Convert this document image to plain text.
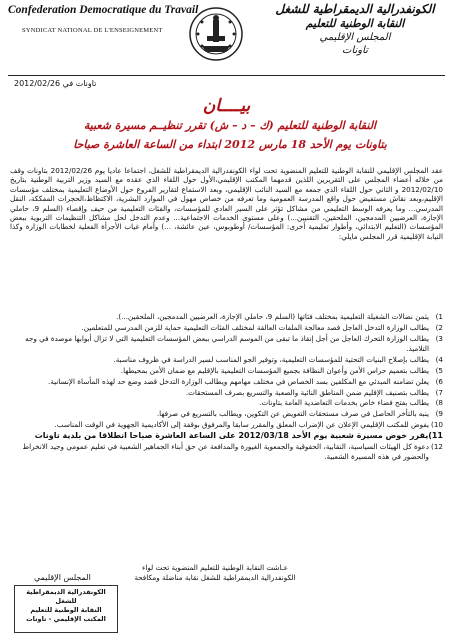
Confederation Democratique du Travail
SYNDICAT NATIONAL DE L'ENSEIGNEMENT
الكونفدرالية الديمقراطية للشغل
النقابة الوطنية للتعليم
المجلس الإقليمي
تاونات
تاونات في 2012/02/26
بيــــان
النقابة الوطنية للتعليم (ك – د – ش) تقرر تنظيــم مسيرة شعبية
بتاونات يوم الأحد 18 مارس 2012 ابتداء من الساعة العاشرة صباحا

عقد المجلس الإقليمي للنقابة الوطنية للتعليم المنضوية تحت لواء الكونفدرالية الديمقراطية للشغل، اجتماعا عاديا يوم 2012/02/26 بتاونات وقف من خلاله أعضاء المجلس على التقريرين اللذين قدمهما المكتب الإقليمي،الأول حول اللقاء الذي عقده مع السيد وزير التربية الوطنية بتاريخ 2012/02/10 و الثاني حول اللقاء الذي جمعه مع السيد النائب الإقليمي، وبعد الاستماع لتقارير الفروع حول الأوضاع التعليمية بمختلف مؤسسات الإقليم،وبعد نقاش مستفيض حول واقع المدرسة العمومية وما تعرفه من خصاص مهول في الموارد البشرية، الاكتظاظ،الحجرات المفككة، النقل المدرسي... وما يعرفه الوسط التعليمي من مشاكل تؤثر على السير العادي للمؤسسات، والفئات التعليمية من حيف وإقصاء (السلم 9، حاملي الإجازة، العرضيين المدمجين، الملحقين، التقنيين...) وعلى مستوى الخدمات الاجتماعية... وعدم التدخل لحل مشاكل التنظيمات التربوية ببعض المؤسسات (التعليم الابتدائي، وأطوار تعليمية أخرى: المؤسسات/ أوطوبوس، عين عائشة، ...) وأمام غياب الأجرأة الفعلية لخطابات الوزارة وكذا النيابة الإقليمية قرر المجلس مايلي:

1)
يثمن نضالات الشغيلة التعليمية بمختلف فئاتها (السلم 9، حاملي الإجازة، العرضيين المدمجين، الملحقين...).
2)
يطالب الوزارة التدخل العاجل قصد معالجة الملفات العالقة لمختلف الفئات التعليمية حماية للزمن المدرسي للمتعلمين.
3)
يطالب الوزارة التحرك العاجل من أجل إنقاذ ما تبقى من الموسم الدراسي ببعض المؤسسات التعليمية التي لا تزال أبوابها موصدة في وجه التلاميذ.
4)
يطالب بإصلاح البنيات التحتية للمؤسسات التعليمية، وتوفير الجو المناسب لسير الدراسة في ظروف مناسبة.
5)
يطالب بتعميم حراس الأمن وأعوان النظافة بجميع المؤسسات التعليمية بالإقليم مع ضمان الأمن بمحيطها.
6)
يعلن تضامنه المبدئي مع المكلفين بسد الخصاص في مختلف مهامهم ويطالب الوزارة التدخل قصد وضع حد لهذه المأساة الإنسانية.
7)
يطالب بتصنيف الإقليم ضمن المناطق النائية والصعبة والتسريع بصرف المستحقات.
8)
يطالب بفتح فضاء خاص بخدمات التعاضدية العامة بتاونات.
9)
ينبه بالتأخر الحاصل في صرف مستحقات التعويض عن التكوين، ويطالب بالتسريع في صرفها.
10)
يفوض للمكتب الإقليمي الإعلان عن الإضراب المعلق والمقرر سابقا والمرفوق بوقفة إلى الأكاديمية الجهوية في الوقت المناسب.
11)
يقرر خوض مسيرة شعبية يوم الأحد 2012/03/18 على الساعة العاشرة صباحا انطلاقا من بلدية تاونات
12)
دعوة كل الهيئات السياسية، النقابية، الحقوقية والجمعوية الغيورة والمدافعة عن حق أبناء الجماهير الشعبية في تعليم عمومي وجيد الانخراط والحضور في هذه المسيرة الشعبية.
عـاشت النقابة الوطنية للتعليم المنضوية تحت لواء
الكونفدرالية الديمقراطية للشغل نقابة مناضلة ومكافحة
المجلس الإقليمي
الكونفدرالية الديمقراطية للشغل
النقابة الوطنية للتعليم
المكتب الإقليمي - تاونات
